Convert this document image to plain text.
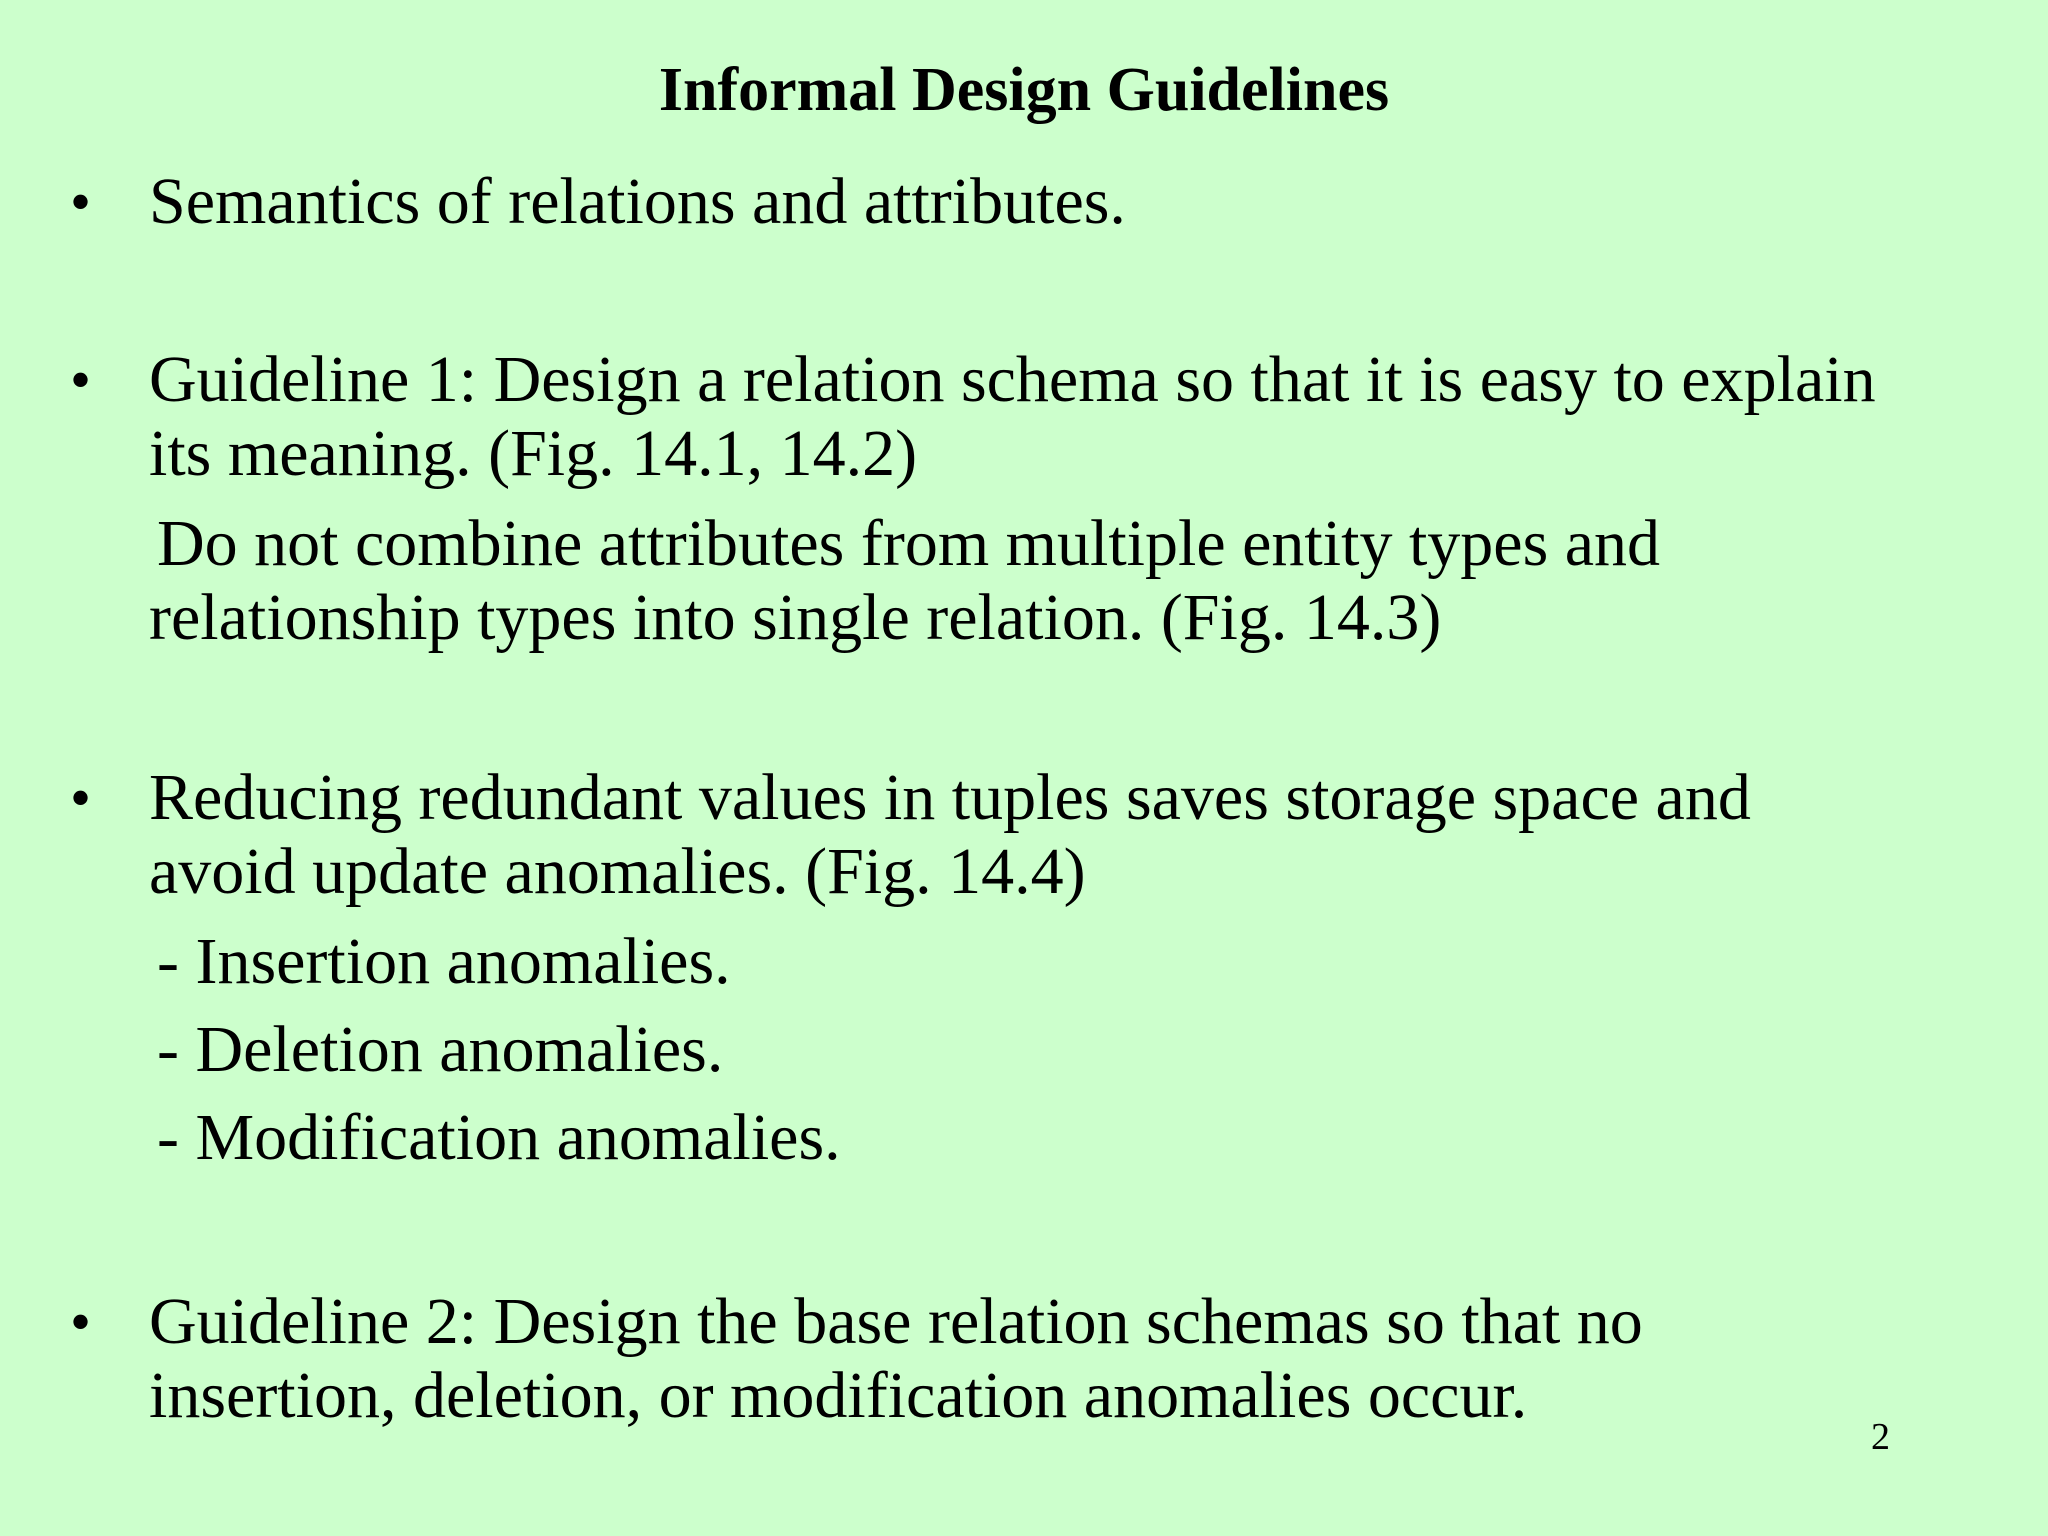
Informal Design Guidelines
• Semantics of relations and attributes.
• Guideline 1: Design a relation schema so that it is easy to explain
its meaning. (Fig. 14.1, 14.2)
Do not combine attributes from multiple entity types and
relationship types into single relation. (Fig. 14.3)
• Reducing redundant values in tuples saves storage space and
avoid update anomalies. (Fig. 14.4)
- Insertion anomalies.
- Deletion anomalies.
- Modification anomalies.
• Guideline 2: Design the base relation schemas so that no
insertion, deletion, or modification anomalies occur.
2
